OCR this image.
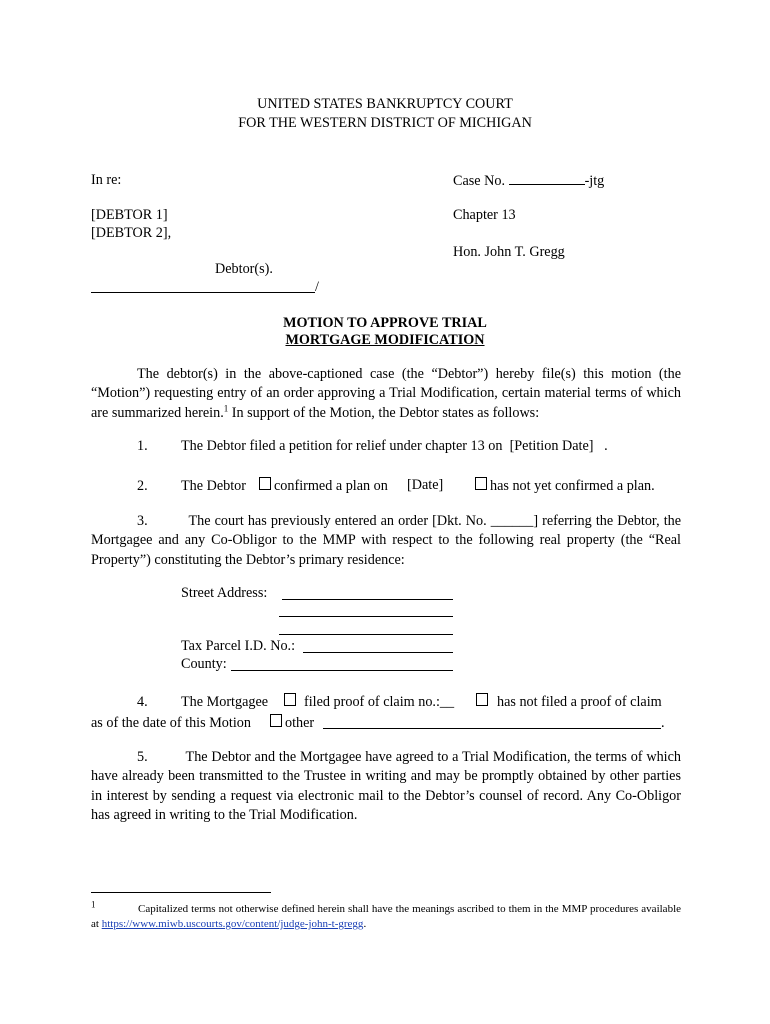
UNITED STATES BANKRUPTCY COURT
FOR THE WESTERN DISTRICT OF MICHIGAN
In re:
[DEBTOR 1]
[DEBTOR 2],
Debtor(s).
/
Case No.	-jtg
Chapter 13
Hon. John T. Gregg
MOTION TO APPROVE TRIAL
MORTGAGE MODIFICATION
The debtor(s) in the above-captioned case (the “Debtor”) hereby file(s) this motion (the “Motion”) requesting entry of an order approving a Trial Modification, certain material terms of which are summarized herein.$^1$ In support of the Motion, the Debtor states as follows:
1. The Debtor filed a petition for relief under chapter 13 on [Petition Date] .
2. The Debtor confirmed a plan on [Date]	has not yet confirmed a plan.
3.	The court has previously entered an order [Dkt. No. ______] referring the Debtor, the Mortgagee and any Co-Obligor to the MMP with respect to the following real property (the “Real Property”) constituting the Debtor’s primary residence:
Street Address:
Tax Parcel I.D. No.:
County:
4. The Mortgagee	filed proof of claim no.:__	has not filed a proof of claim
as of the date of this Motion other	.
5.	The Debtor and the Mortgagee have agreed to a Trial Modification, the terms of which have already been transmitted to the Trustee in writing and may be promptly obtained by other parties in interest by sending a request via electronic mail to the Debtor’s counsel of record. Any Co-Obligor has agreed in writing to the Trial Modification.
$^1$	Capitalized terms not otherwise defined herein shall have the meanings ascribed to them in the MMP procedures available at https://www.miwb.uscourts.gov/content/judge-john-t-gregg.
